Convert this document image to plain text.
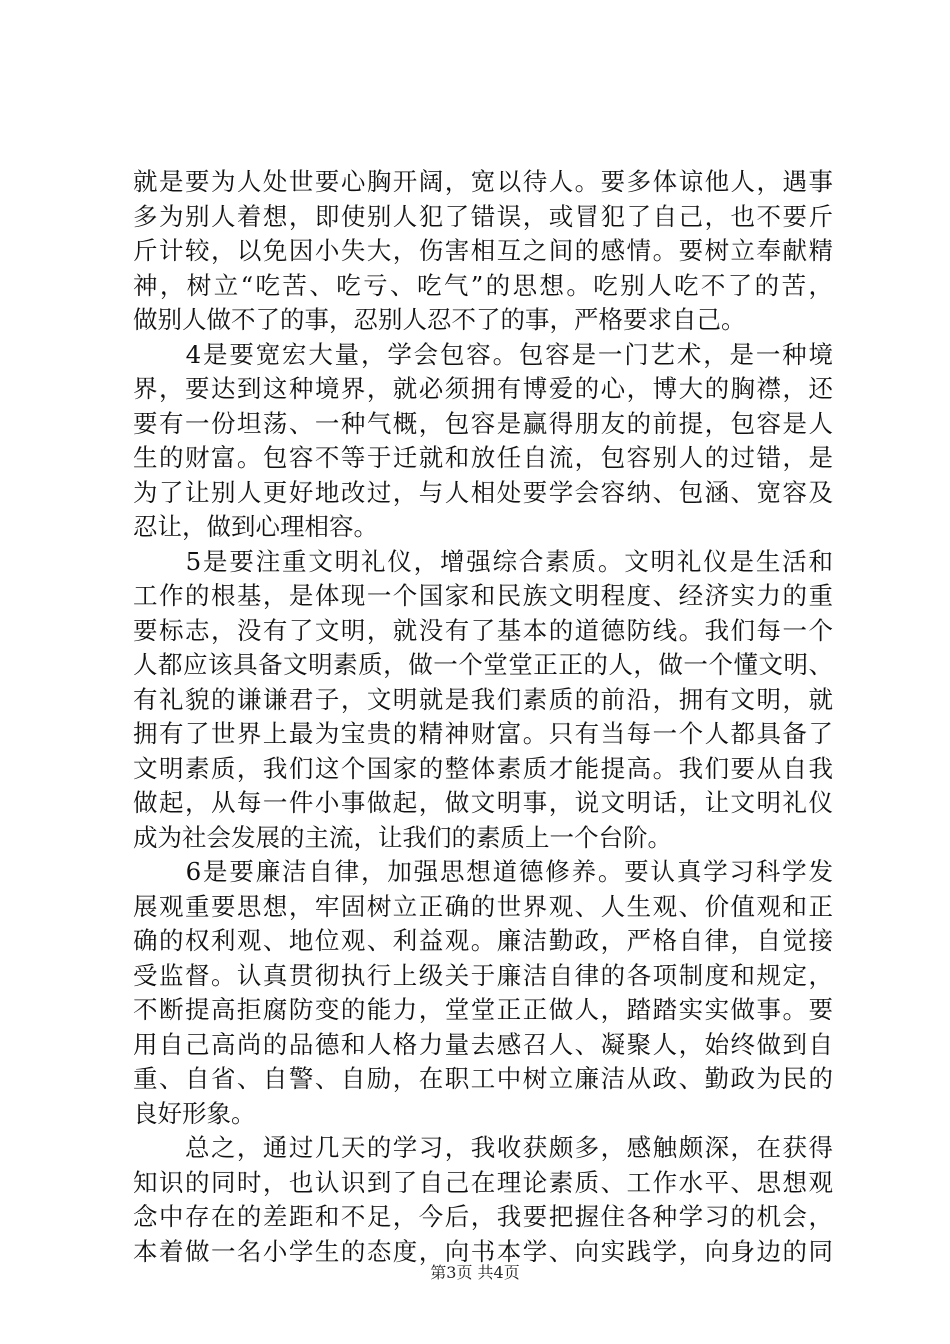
就是要为人处世要心胸开阔，宽以待人。要多体谅他人，遇事
多为别人着想，即使别人犯了错误，或冒犯了自己，也不要斤
斤计较，以免因小失大，伤害相互之间的感情。要树立奉献精
神，树立“吃苦、吃亏、吃气”的思想。吃别人吃不了的苦，
做别人做不了的事，忍别人忍不了的事，严格要求自己。
　　4是要宽宏大量，学会包容。包容是一门艺术，是一种境
界，要达到这种境界，就必须拥有博爱的心，博大的胸襟，还
要有一份坦荡、一种气概，包容是赢得朋友的前提，包容是人
生的财富。包容不等于迁就和放任自流，包容别人的过错，是
为了让别人更好地改过，与人相处要学会容纳、包涵、宽容及
忍让，做到心理相容。
　　5是要注重文明礼仪，增强综合素质。文明礼仪是生活和
工作的根基，是体现一个国家和民族文明程度、经济实力的重
要标志，没有了文明，就没有了基本的道德防线。我们每一个
人都应该具备文明素质，做一个堂堂正正的人，做一个懂文明、
有礼貌的谦谦君子，文明就是我们素质的前沿，拥有文明，就
拥有了世界上最为宝贵的精神财富。只有当每一个人都具备了
文明素质，我们这个国家的整体素质才能提高。我们要从自我
做起，从每一件小事做起，做文明事，说文明话，让文明礼仪
成为社会发展的主流，让我们的素质上一个台阶。
　　6是要廉洁自律，加强思想道德修养。要认真学习科学发
展观重要思想，牢固树立正确的世界观、人生观、价值观和正
确的权利观、地位观、利益观。廉洁勤政，严格自律，自觉接
受监督。认真贯彻执行上级关于廉洁自律的各项制度和规定，
不断提高拒腐防变的能力，堂堂正正做人，踏踏实实做事。要
用自己高尚的品德和人格力量去感召人、凝聚人，始终做到自
重、自省、自警、自励，在职工中树立廉洁从政、勤政为民的
良好形象。
　　总之，通过几天的学习，我收获颇多，感触颇深，在获得
知识的同时，也认识到了自己在理论素质、工作水平、思想观
念中存在的差距和不足，今后，我要把握住各种学习的机会，
本着做一名小学生的态度，向书本学、向实践学，向身边的同
第3页 共4页
